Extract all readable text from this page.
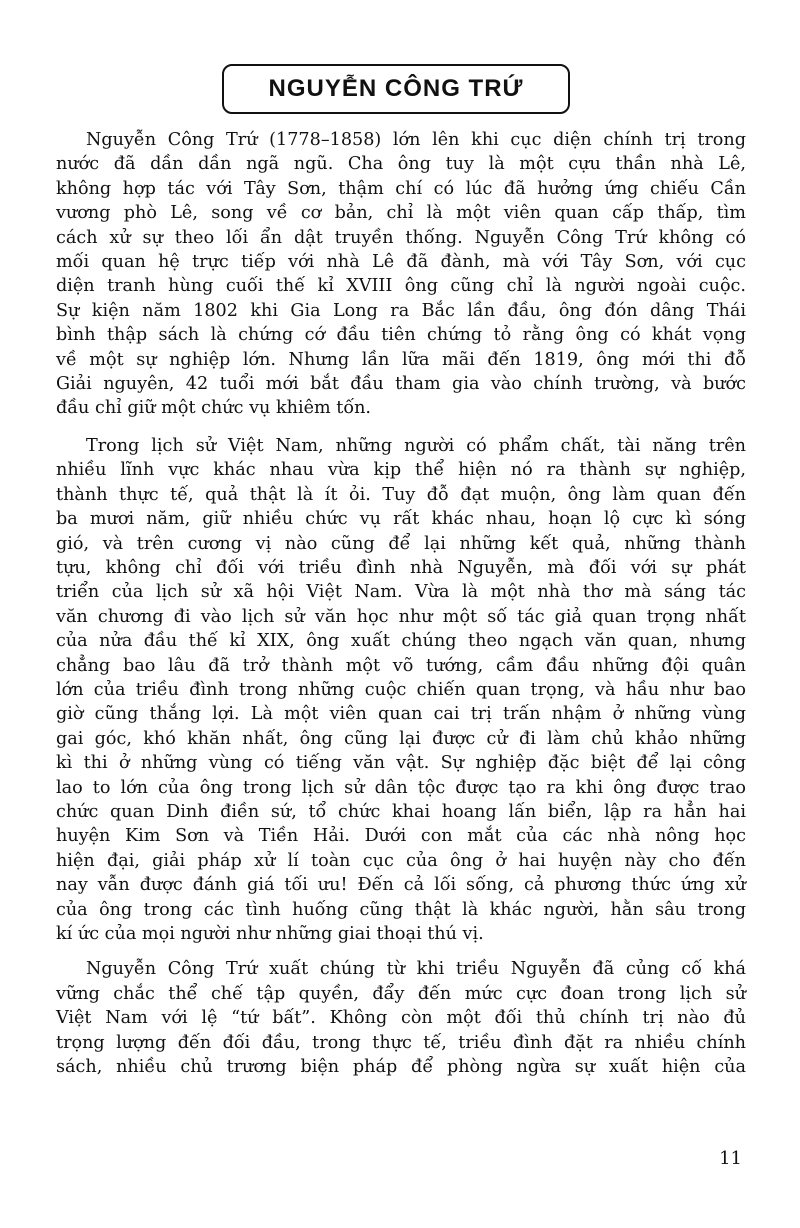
NGUYỄN CÔNG TRỨ
Nguyễn Công Trứ (1778–1858) lớn lên khi cục diện chính trị trong
nước đã dần dần ngã ngũ. Cha ông tuy là một cựu thần nhà Lê,
không hợp tác với Tây Sơn, thậm chí có lúc đã hưởng ứng chiếu Cần
vương phò Lê, song về cơ bản, chỉ là một viên quan cấp thấp, tìm
cách xử sự theo lối ẩn dật truyền thống. Nguyễn Công Trứ không có
mối quan hệ trực tiếp với nhà Lê đã đành, mà với Tây Sơn, với cục
diện tranh hùng cuối thế kỉ XVIII ông cũng chỉ là người ngoài cuộc.
Sự kiện năm 1802 khi Gia Long ra Bắc lần đầu, ông đón dâng Thái
bình thập sách là chứng cớ đầu tiên chứng tỏ rằng ông có khát vọng
về một sự nghiệp lớn. Nhưng lần lữa mãi đến 1819, ông mới thi đỗ
Giải nguyên, 42 tuổi mới bắt đầu tham gia vào chính trường, và bước
đầu chỉ giữ một chức vụ khiêm tốn.
Trong lịch sử Việt Nam, những người có phẩm chất, tài năng trên
nhiều lĩnh vực khác nhau vừa kịp thể hiện nó ra thành sự nghiệp,
thành thực tế, quả thật là ít ỏi. Tuy đỗ đạt muộn, ông làm quan đến
ba mươi năm, giữ nhiều chức vụ rất khác nhau, hoạn lộ cực kì sóng
gió, và trên cương vị nào cũng để lại những kết quả, những thành
tựu, không chỉ đối với triều đình nhà Nguyễn, mà đối với sự phát
triển của lịch sử xã hội Việt Nam. Vừa là một nhà thơ mà sáng tác
văn chương đi vào lịch sử văn học như một số tác giả quan trọng nhất
của nửa đầu thế kỉ XIX, ông xuất chúng theo ngạch văn quan, nhưng
chẳng bao lâu đã trở thành một võ tướng, cầm đầu những đội quân
lớn của triều đình trong những cuộc chiến quan trọng, và hầu như bao
giờ cũng thắng lợi. Là một viên quan cai trị trấn nhậm ở những vùng
gai góc, khó khăn nhất, ông cũng lại được cử đi làm chủ khảo những
kì thi ở những vùng có tiếng văn vật. Sự nghiệp đặc biệt để lại công
lao to lớn của ông trong lịch sử dân tộc được tạo ra khi ông được trao
chức quan Dinh điền sứ, tổ chức khai hoang lấn biển, lập ra hẳn hai
huyện Kim Sơn và Tiền Hải. Dưới con mắt của các nhà nông học
hiện đại, giải pháp xử lí toàn cục của ông ở hai huyện này cho đến
nay vẫn được đánh giá tối ưu! Đến cả lối sống, cả phương thức ứng xử
của ông trong các tình huống cũng thật là khác người, hằn sâu trong
kí ức của mọi người như những giai thoại thú vị.
Nguyễn Công Trứ xuất chúng từ khi triều Nguyễn đã củng cố khá
vững chắc thể chế tập quyền, đẩy đến mức cực đoan trong lịch sử
Việt Nam với lệ “tứ bất”. Không còn một đối thủ chính trị nào đủ
trọng lượng đến đối đầu, trong thực tế, triều đình đặt ra nhiều chính
sách, nhiều chủ trương biện pháp để phòng ngừa sự xuất hiện của
11
